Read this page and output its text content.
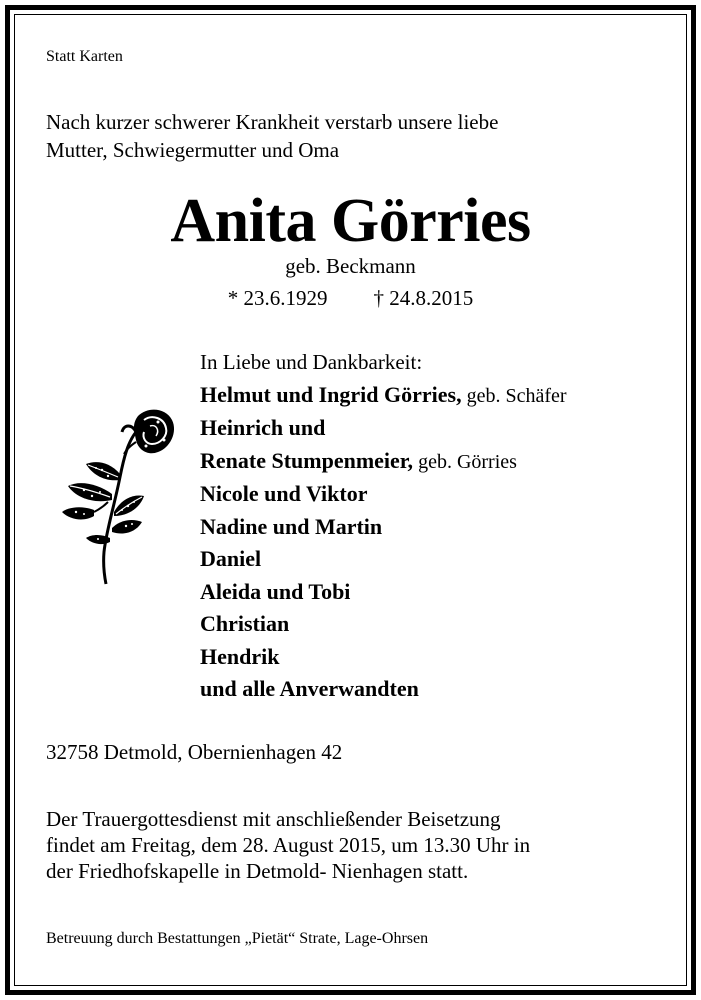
Statt Karten
Nach kurzer schwerer Krankheit verstarb unsere liebe
Mutter, Schwiegermutter und Oma
Anita Görries
geb. Beckmann
* 23.6.1929 † 24.8.2015
In Liebe und Dankbarkeit:
Helmut und Ingrid Görries, geb. Schäfer
Heinrich und
Renate Stumpenmeier, geb. Görries
Nicole und Viktor
Nadine und Martin
Daniel
Aleida und Tobi
Christian
Hendrik
und alle Anverwandten
32758 Detmold, Obernienhagen 42
Der Trauergottesdienst mit anschließender Beisetzung
findet am Freitag, dem 28. August 2015, um 13.30 Uhr in
der Friedhofskapelle in Detmold- Nienhagen statt.
Betreuung durch Bestattungen „Pietät“ Strate, Lage-Ohrsen
